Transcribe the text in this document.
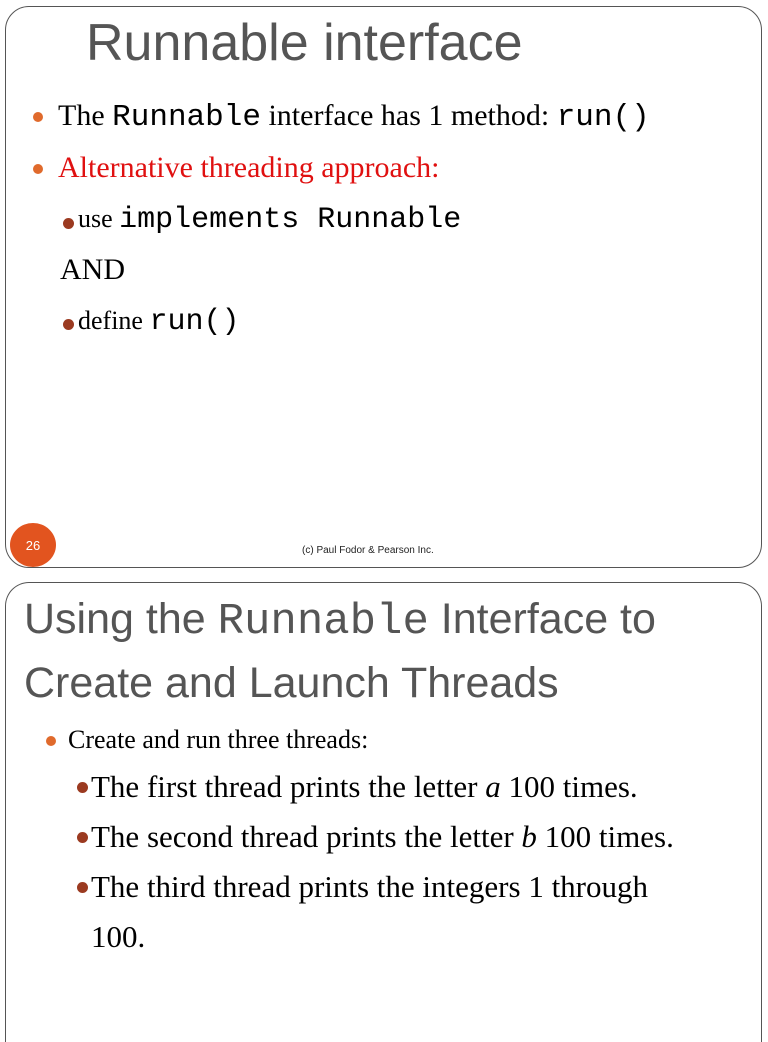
Runnable interface
The Runnable interface has 1 method: run()
Alternative threading approach:
use implements Runnable
AND
define run()
26	(c) Paul Fodor & Pearson Inc.
Using the Runnable Interface to
Create and Launch Threads
Create and run three threads:
The first thread prints the letter a 100 times.
The second thread prints the letter b 100 times.
The third thread prints the integers 1 through
100.
